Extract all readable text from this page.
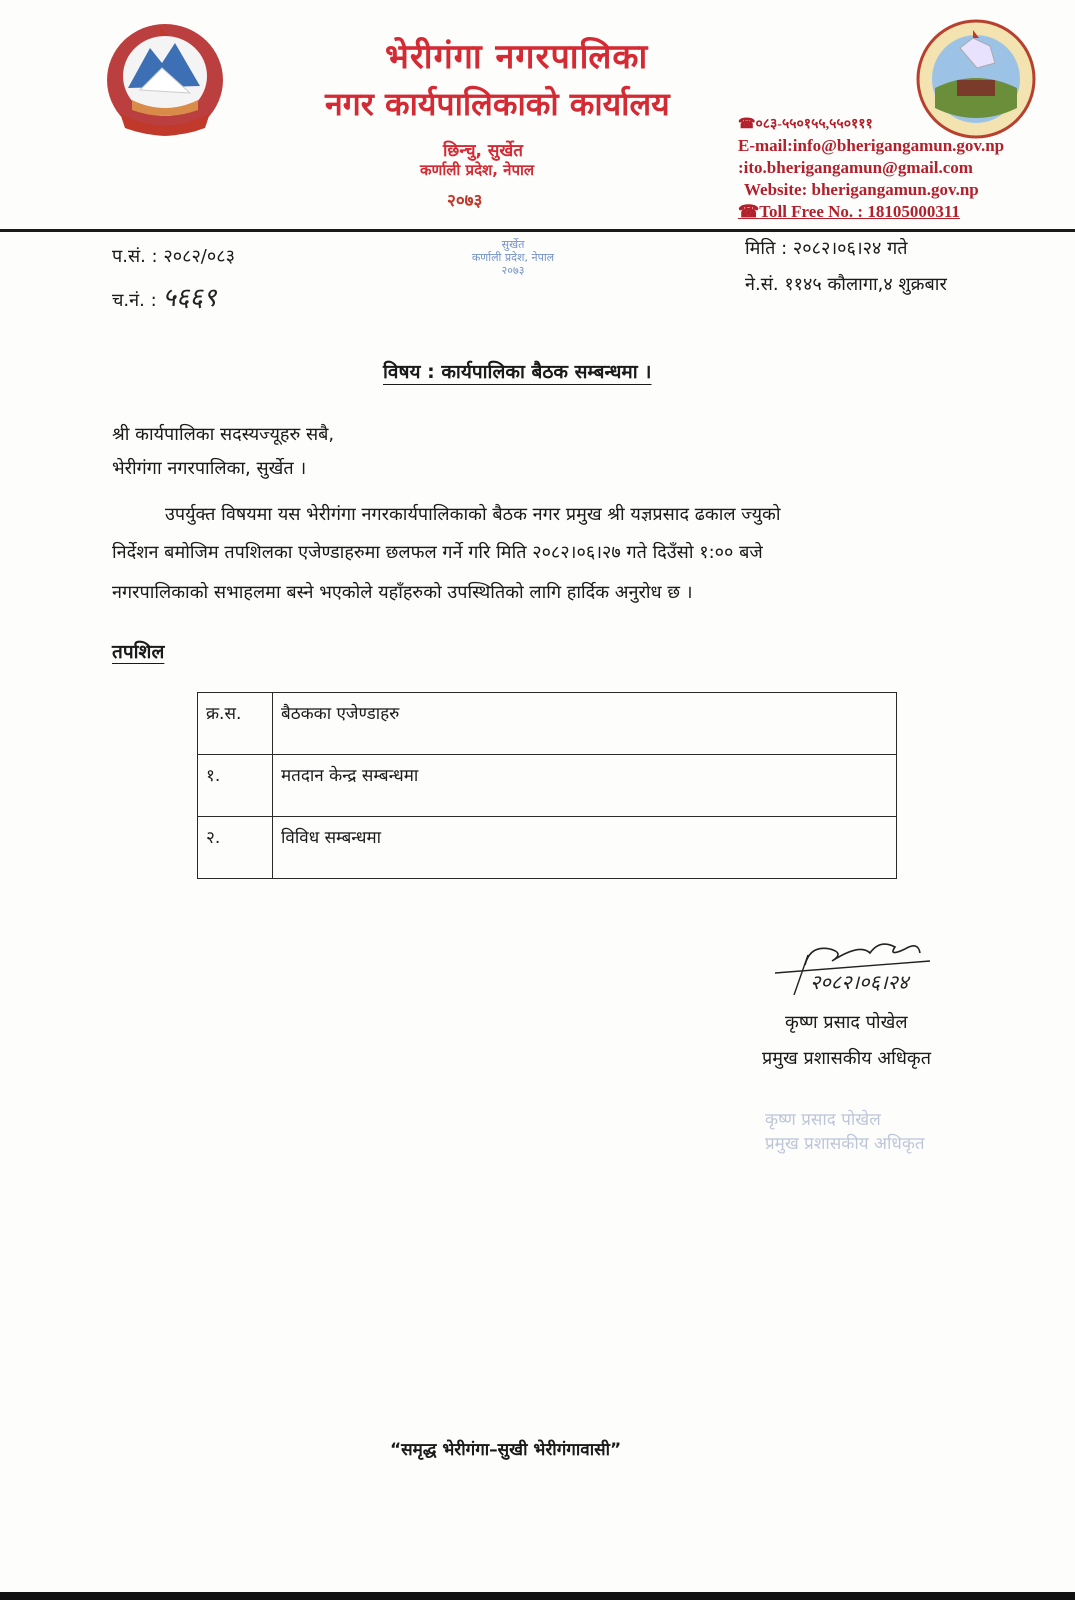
भेरीगंगा नगरपालिका
नगर कार्यपालिकाको कार्यालय
छिन्चु, सुर्खेत
कर्णाली प्रदेश, नेपाल
२०७३
☎०८३-५५०१५५,५५०१११
E-mail:info@bherigangamun.gov.np
:ito.bherigangamun@gmail.com
Website: bherigangamun.gov.np
☎Toll Free No. : 18105000311
प.सं. : २०८२/०८३
च.नं. : ५६६९
सुर्खेत
कर्णाली प्रदेश, नेपाल
२०७३
मिति : २०८२।०६।२४ गते
ने.सं. ११४५ कौलागा,४ शुक्रबार
विषय : कार्यपालिका बैठक सम्बन्धमा ।
श्री कार्यपालिका सदस्यज्यूहरु सबै,
भेरीगंगा नगरपालिका, सुर्खेत ।
उपर्युक्त विषयमा यस भेरीगंगा नगरकार्यपालिकाको बैठक नगर प्रमुख श्री यज्ञप्रसाद ढकाल ज्युको
निर्देशन बमोजिम तपशिलका एजेण्डाहरुमा छलफल गर्ने गरि मिति २०८२।०६।२७ गते दिउँसो १:०० बजे
नगरपालिकाको सभाहलमा बस्ने भएकोले यहाँहरुको उपस्थितिको लागि हार्दिक अनुरोध छ ।
तपशिल
क्र.स.	बैठकका एजेण्डाहरु
१.	मतदान केन्द्र सम्बन्धमा
२.	विविध सम्बन्धमा
२०८२।०६।२४
कृष्ण प्रसाद पोखेल
प्रमुख प्रशासकीय अधिकृत
कृष्ण प्रसाद पोखेल
प्रमुख प्रशासकीय अधिकृत
“समृद्ध भेरीगंगा–सुखी भेरीगंगावासी”
